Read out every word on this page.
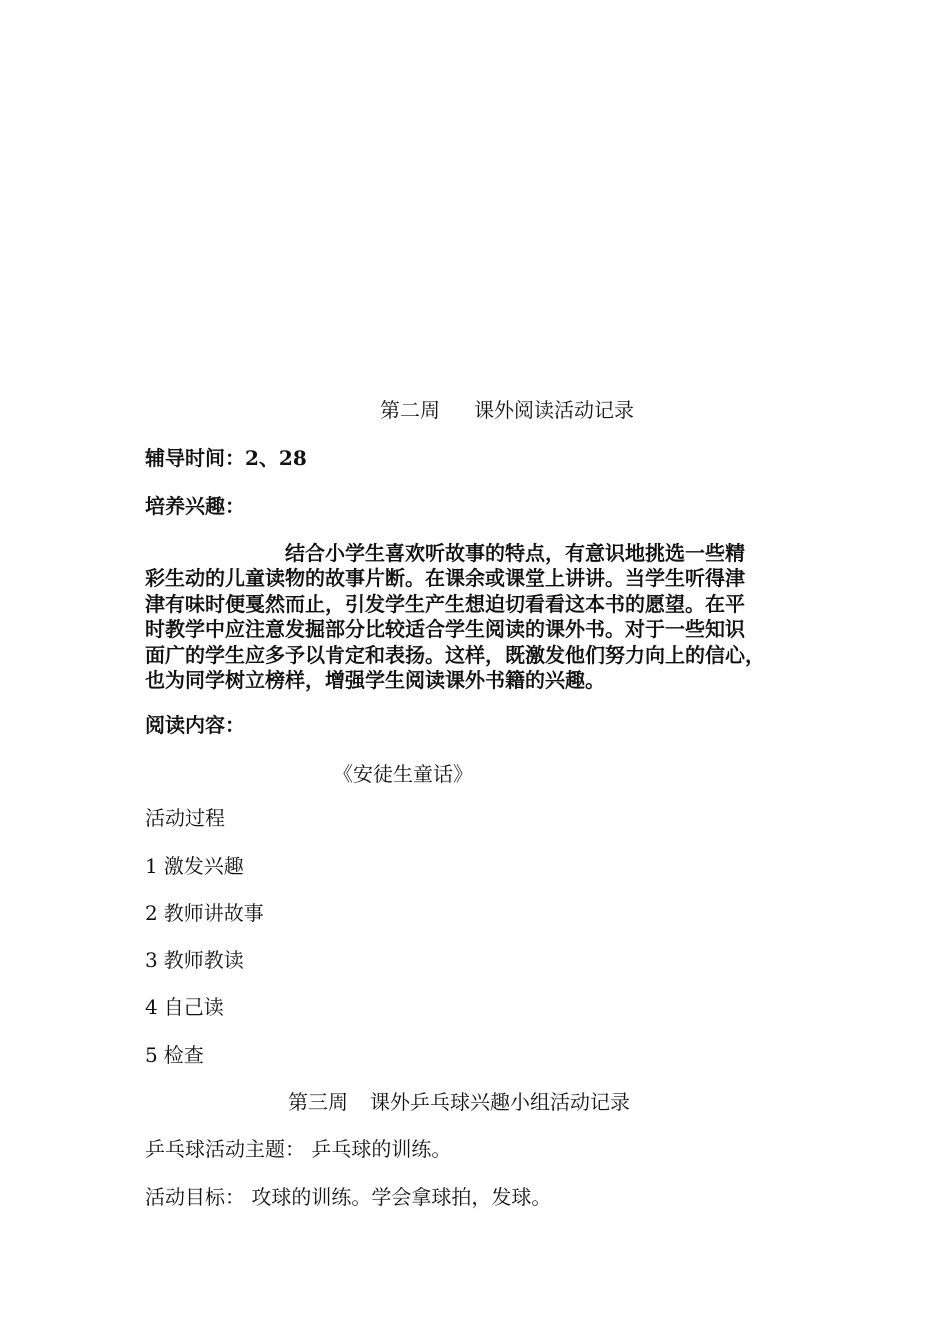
第二周 课外阅读活动记录
辅导时间：2、28
培养兴趣：
结合小学生喜欢听故事的特点，有意识地挑选一些精
彩生动的儿童读物的故事片断。在课余或课堂上讲讲。当学生听得津
津有味时便戛然而止，引发学生产生想迫切看看这本书的愿望。在平
时教学中应注意发掘部分比较适合学生阅读的课外书。对于一些知识
面广的学生应多予以肯定和表扬。这样，既激发他们努力向上的信心，
也为同学树立榜样，增强学生阅读课外书籍的兴趣。
阅读内容：
《安徒生童话》
活动过程
1 激发兴趣
2 教师讲故事
3 教师教读
4 自己读
5 检查
第三周 课外乒乓球兴趣小组活动记录
乒乓球活动主题： 乒乓球的训练。
活动目标： 攻球的训练。学会拿球拍，发球。
